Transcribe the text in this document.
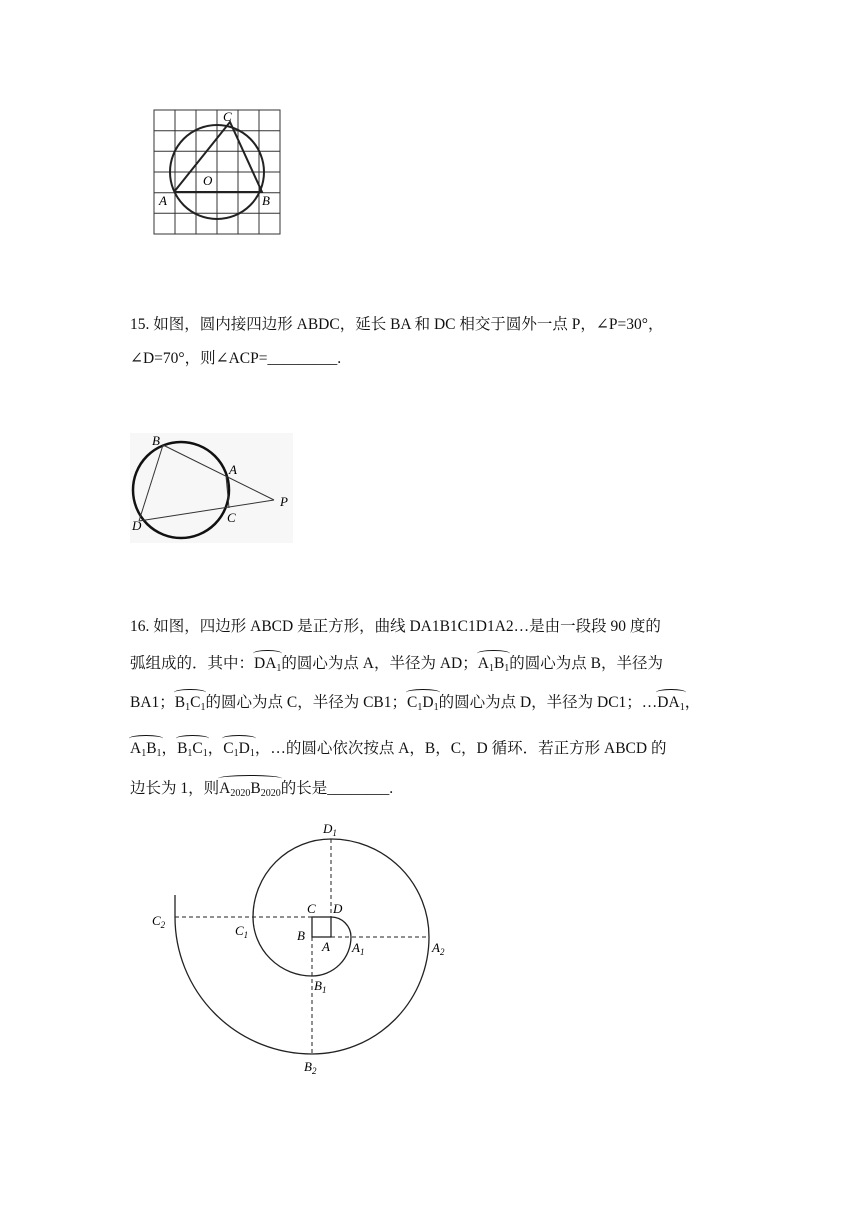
C
O
A	B
15. 如图，圆内接四边形 ABDC，延长 BA 和 DC 相交于圆外一点 P，∠P=30°，
∠D=70°，则∠ACP=_________.
B
A
P
C
D
16. 如图，四边形 ABCD 是正方形，曲线 DA1B1C1D1A2…是由一段段 90 度的
弧组成的．其中：$DA_1$的圆心为点 A，半径为 AD；$A_1B_1$的圆心为点 B，半径为
BA1；$B_1C_1$的圆心为点 C，半径为 CB1；$C_1D_1$的圆心为点 D，半径为 DC1；$\dots DA_1$，
$A_1B_1$，$B_1C_1$，$C_1D_1$，…的圆心依次按点 A，B，C，D 循环．若正方形 ABCD 的
边长为 1，则$A_{2020}B_{2020}$的长是________.
$D_1$
C D
B
A
$C_2$	$C_1$
$A_1$	$A_2$
$B_1$
$B_2$
